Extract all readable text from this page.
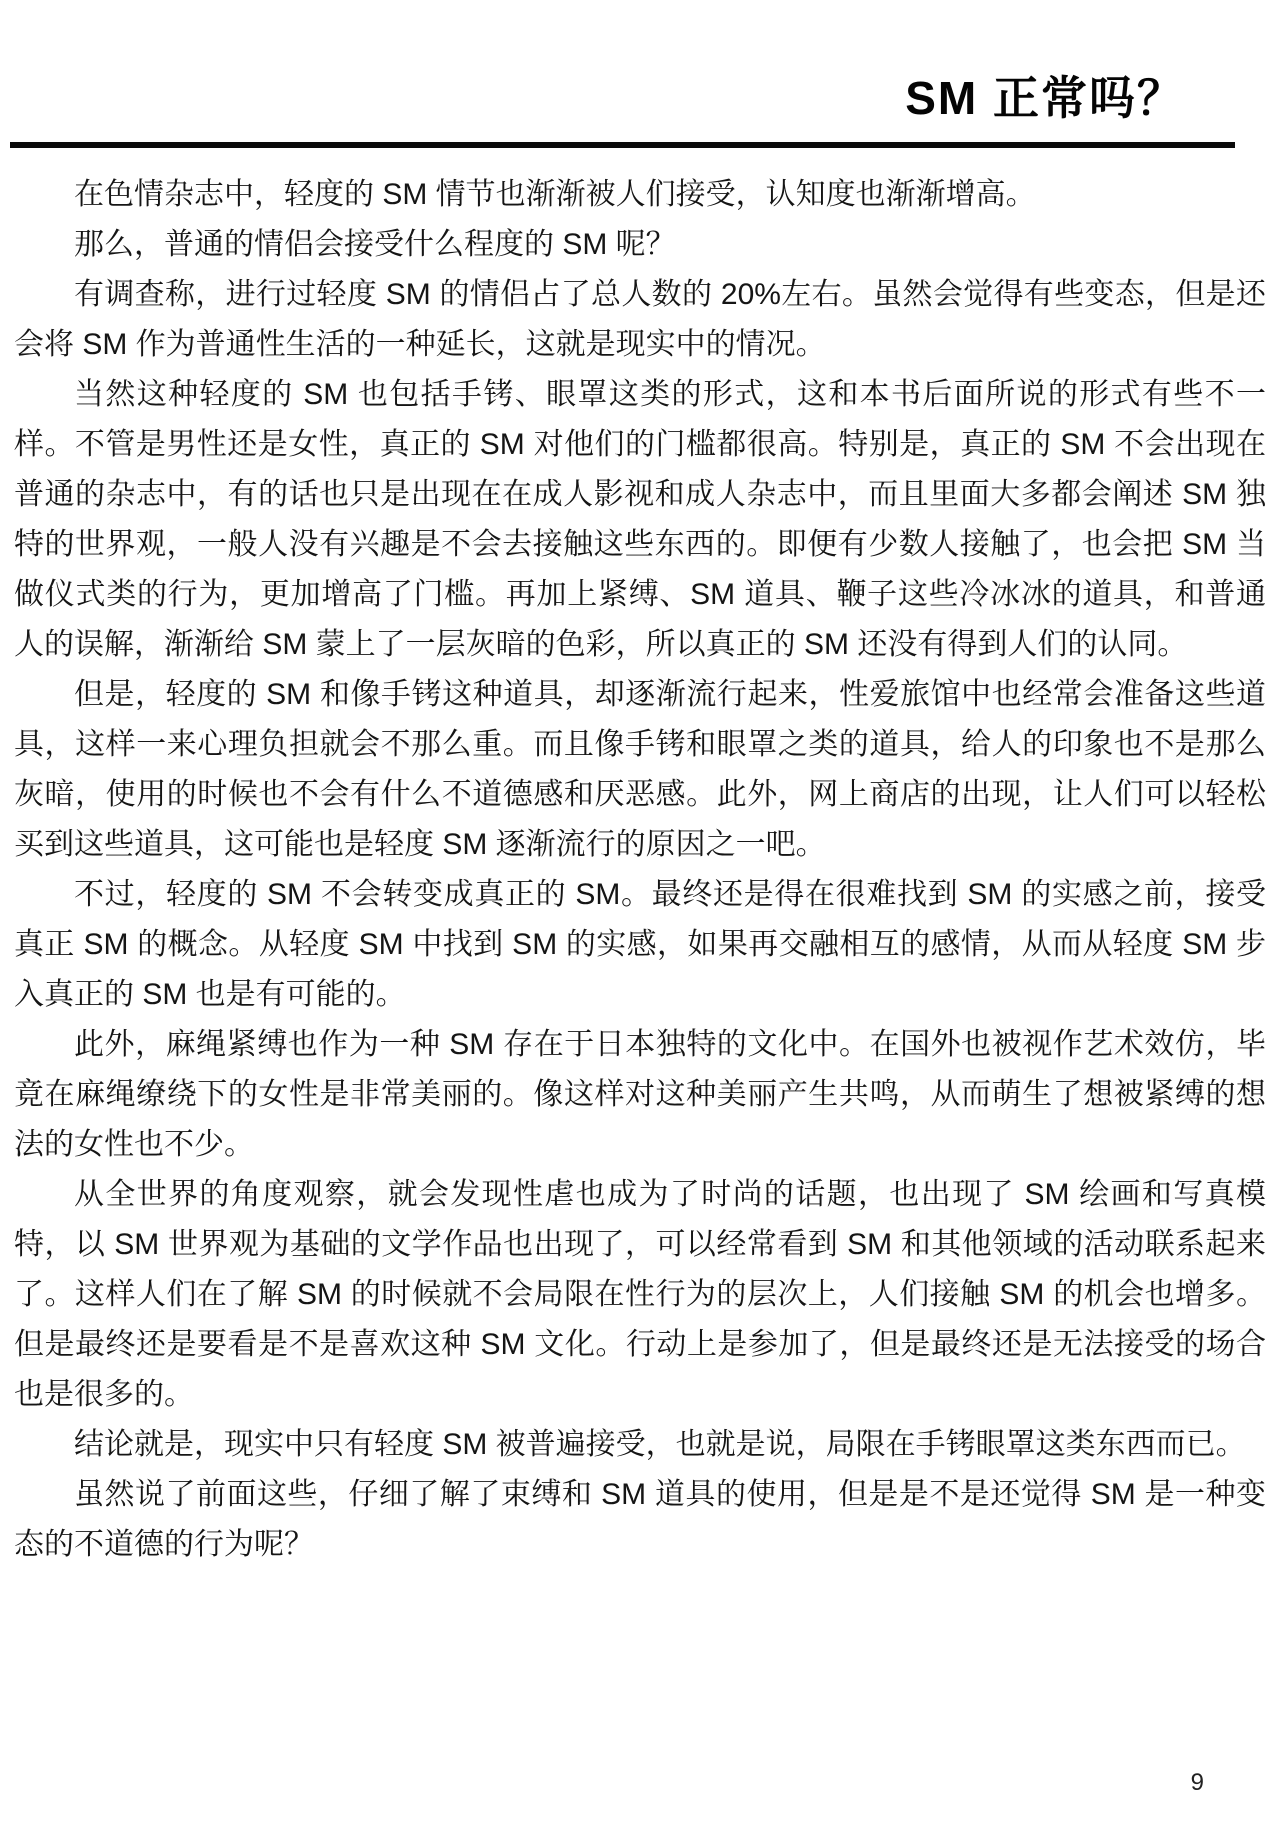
SM 正常吗？

在色情杂志中，轻度的 SM 情节也渐渐被人们接受，认知度也渐渐增高。

那么，普通的情侣会接受什么程度的 SM 呢？

有调查称，进行过轻度 SM 的情侣占了总人数的 20%左右。虽然会觉得有些变态，但是还会将 SM 作为普通性生活的一种延长，这就是现实中的情况。

当然这种轻度的 SM 也包括手铐、眼罩这类的形式，这和本书后面所说的形式有些不一样。不管是男性还是女性，真正的 SM 对他们的门槛都很高。特别是，真正的 SM 不会出现在普通的杂志中，有的话也只是出现在在成人影视和成人杂志中，而且里面大多都会阐述 SM 独特的世界观，一般人没有兴趣是不会去接触这些东西的。即便有少数人接触了，也会把 SM 当做仪式类的行为，更加增高了门槛。再加上紧缚、SM 道具、鞭子这些冷冰冰的道具，和普通人的误解，渐渐给 SM 蒙上了一层灰暗的色彩，所以真正的 SM 还没有得到人们的认同。

但是，轻度的 SM 和像手铐这种道具，却逐渐流行起来，性爱旅馆中也经常会准备这些道具，这样一来心理负担就会不那么重。而且像手铐和眼罩之类的道具，给人的印象也不是那么灰暗，使用的时候也不会有什么不道德感和厌恶感。此外，网上商店的出现，让人们可以轻松买到这些道具，这可能也是轻度 SM 逐渐流行的原因之一吧。

不过，轻度的 SM 不会转变成真正的 SM。最终还是得在很难找到 SM 的实感之前，接受真正 SM 的概念。从轻度 SM 中找到 SM 的实感，如果再交融相互的感情，从而从轻度 SM 步入真正的 SM 也是有可能的。

此外，麻绳紧缚也作为一种 SM 存在于日本独特的文化中。在国外也被视作艺术效仿，毕竟在麻绳缭绕下的女性是非常美丽的。像这样对这种美丽产生共鸣，从而萌生了想被紧缚的想法的女性也不少。

从全世界的角度观察，就会发现性虐也成为了时尚的话题，也出现了 SM 绘画和写真模特，以 SM 世界观为基础的文学作品也出现了，可以经常看到 SM 和其他领域的活动联系起来了。这样人们在了解 SM 的时候就不会局限在性行为的层次上，人们接触 SM 的机会也增多。但是最终还是要看是不是喜欢这种 SM 文化。行动上是参加了，但是最终还是无法接受的场合也是很多的。

结论就是，现实中只有轻度 SM 被普遍接受，也就是说，局限在手铐眼罩这类东西而已。

虽然说了前面这些，仔细了解了束缚和 SM 道具的使用，但是是不是还觉得 SM 是一种变态的不道德的行为呢？

9
